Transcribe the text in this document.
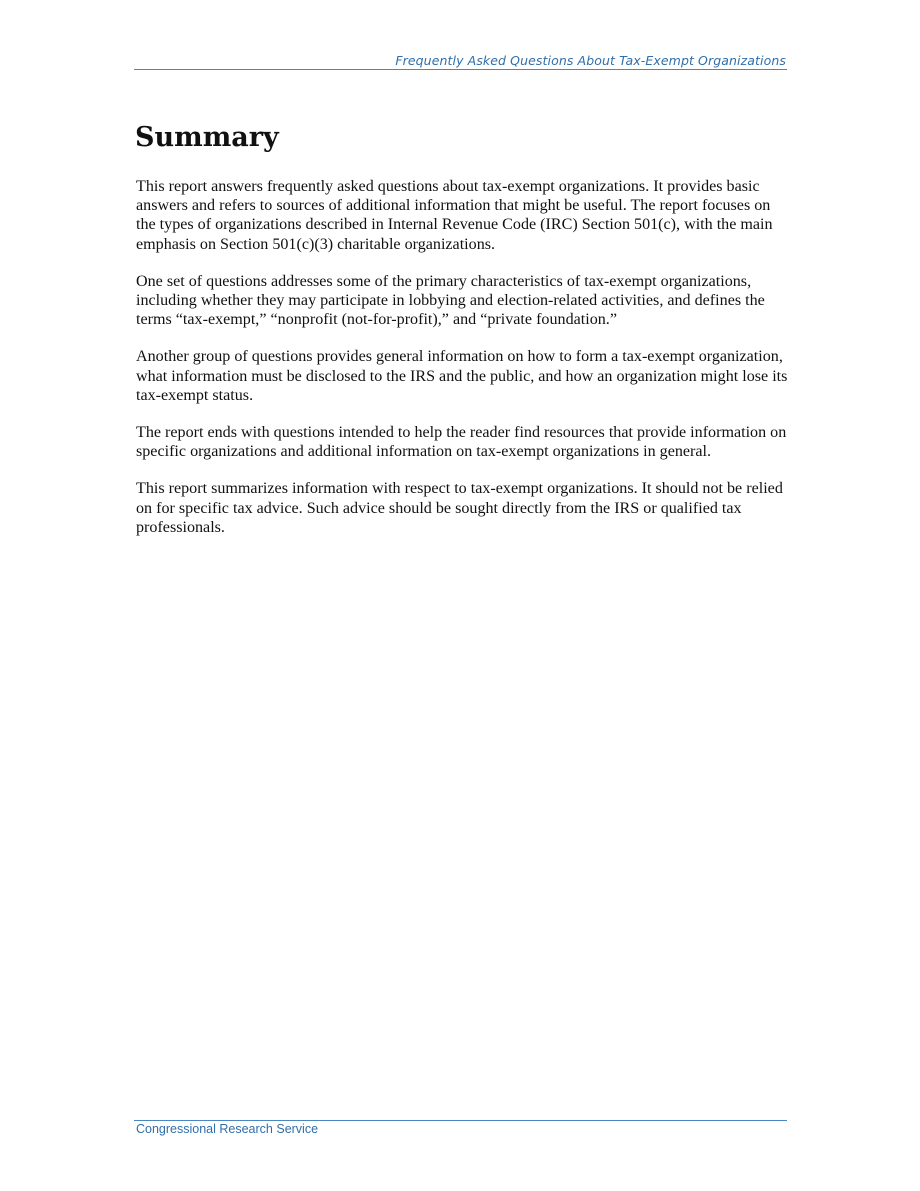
Frequently Asked Questions About Tax-Exempt Organizations
Summary

This report answers frequently asked questions about tax-exempt organizations. It provides basic answers and refers to sources of additional information that might be useful. The report focuses on the types of organizations described in Internal Revenue Code (IRC) Section 501(c), with the main emphasis on Section 501(c)(3) charitable organizations.

One set of questions addresses some of the primary characteristics of tax-exempt organizations, including whether they may participate in lobbying and election-related activities, and defines the terms “tax-exempt,” “nonprofit (not-for-profit),” and “private foundation.”

Another group of questions provides general information on how to form a tax-exempt organization, what information must be disclosed to the IRS and the public, and how an organization might lose its tax-exempt status.

The report ends with questions intended to help the reader find resources that provide information on specific organizations and additional information on tax-exempt organizations in general.

This report summarizes information with respect to tax-exempt organizations. It should not be relied on for specific tax advice. Such advice should be sought directly from the IRS or qualified tax professionals.

Congressional Research Service
